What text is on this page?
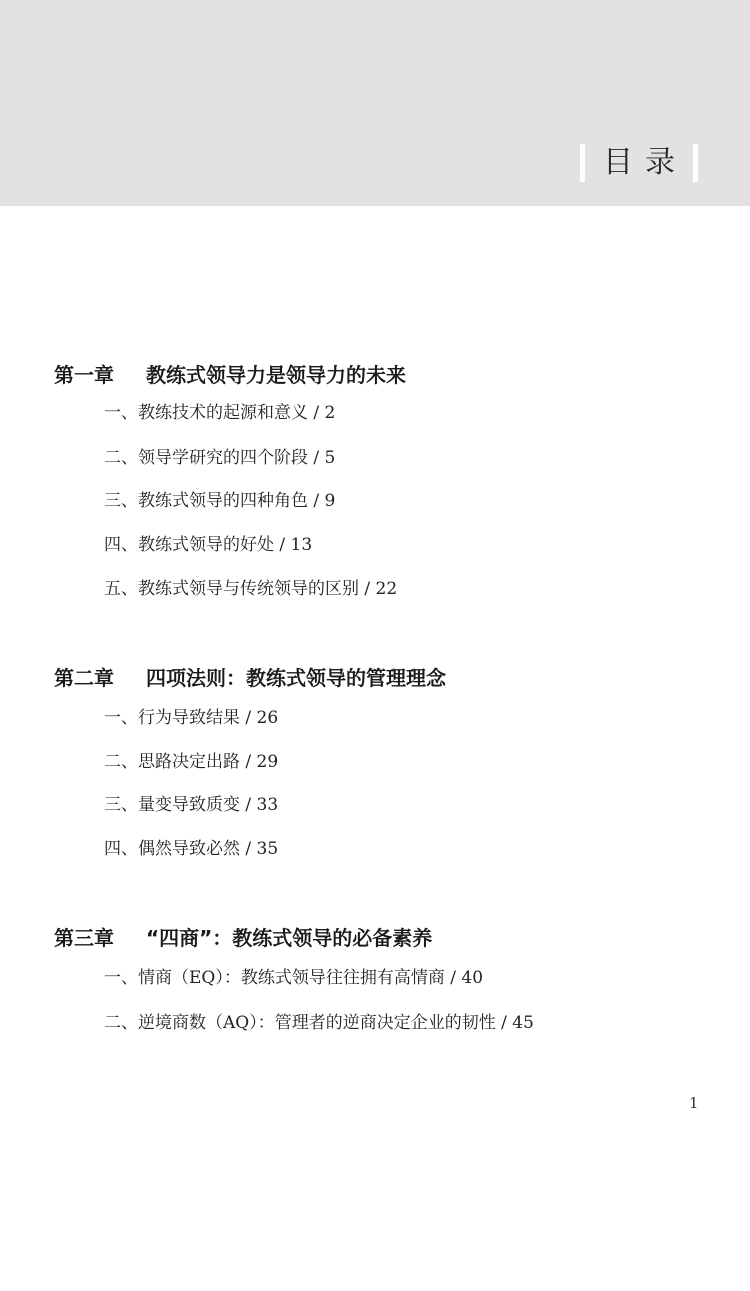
目录
第一章 教练式领导力是领导力的未来
一、教练技术的起源和意义 / 2
二、领导学研究的四个阶段 / 5
三、教练式领导的四种角色 / 9
四、教练式领导的好处 / 13
五、教练式领导与传统领导的区别 / 22
第二章 四项法则：教练式领导的管理理念
一、行为导致结果 / 26
二、思路决定出路 / 29
三、量变导致质变 / 33
四、偶然导致必然 / 35
第三章 “四商”：教练式领导的必备素养
一、情商（EQ）：教练式领导往往拥有高情商 / 40
二、逆境商数（AQ）：管理者的逆商决定企业的韧性 / 45
1
